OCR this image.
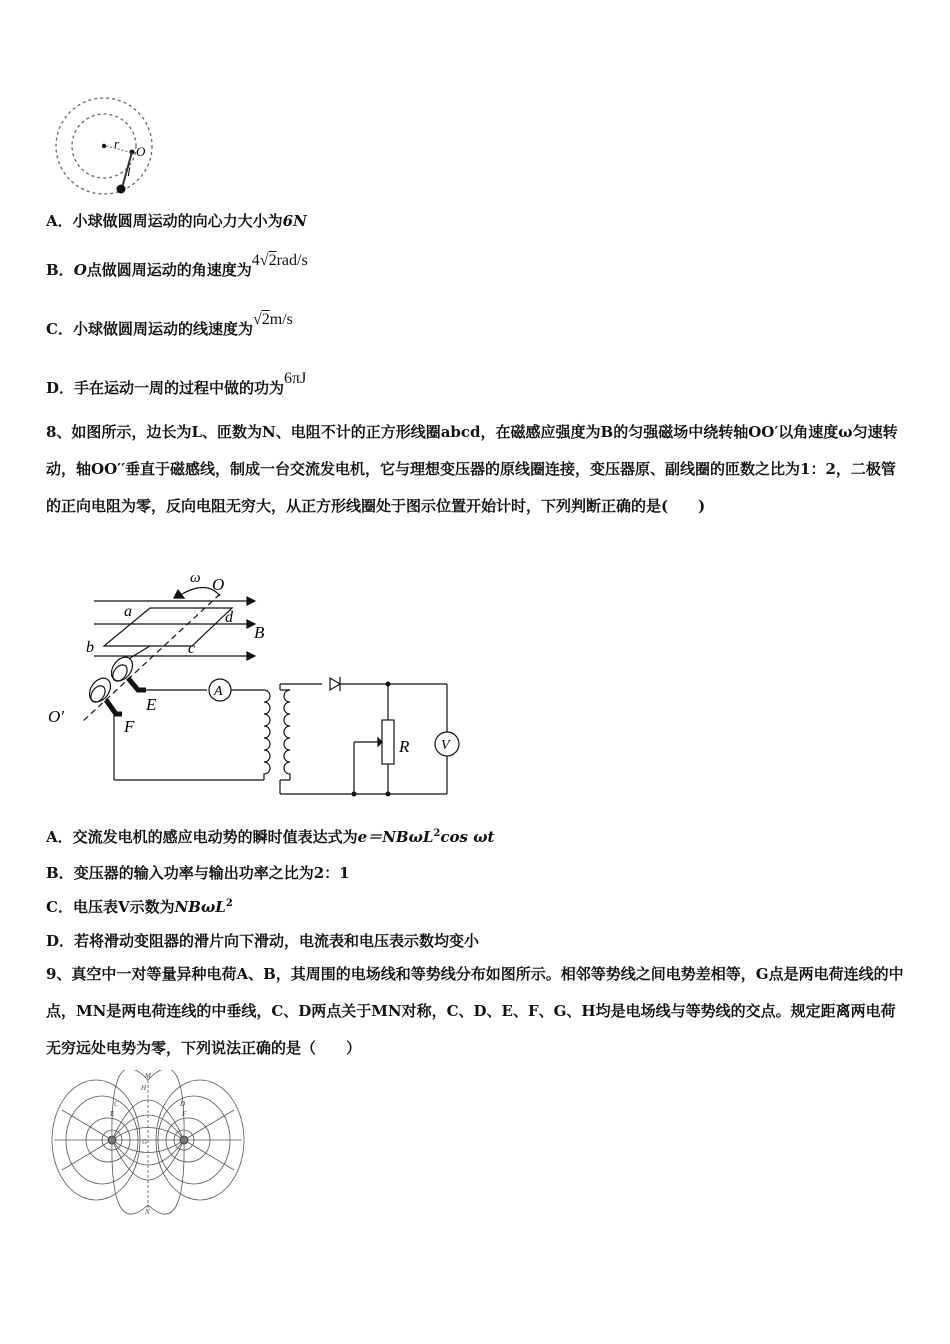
r
O
l
A．小球做圆周运动的向心力大小为6N
B．O点做圆周运动的角速度为4√2rad/s
C．小球做圆周运动的线速度为√2m/s
D．手在运动一周的过程中做的功为6πJ
8、如图所示，边长为L、匝数为N、电阻不计的正方形线圈abcd，在磁感应强度为B的匀强磁场中绕转轴OO′以角速度ω匀速转动，轴OO′′垂直于磁感线，制成一台交流发电机，它与理想变压器的原线圈连接，变压器原、副线圈的匝数之比为1：2，二极管的正向电阻为零，反向电阻无穷大，从正方形线圈处于图示位置开始计时，下列判断正确的是(　　)
ω O
a	d
B
b	c
A
E
O′
F
R V
A．交流发电机的感应电动势的瞬时值表达式为e＝NBωL$^2$cos ωt
B．变压器的输入功率与输出功率之比为2：1
C．电压表V示数为NBωL$^2$
D．若将滑动变阻器的滑片向下滑动，电流表和电压表示数均变小
9、真空中一对等量异种电荷A、B，其周围的电场线和等势线分布如图所示。相邻等势线之间电势差相等，G点是两电荷连线的中点，MN是两电荷连线的中垂线，C、D两点关于MN对称，C、D、E、F、G、H均是电场线与等势线的交点。规定距离两电荷无穷远处电势为零，下列说法正确的是（　　）
M
H
C	D
E	F
G
N
